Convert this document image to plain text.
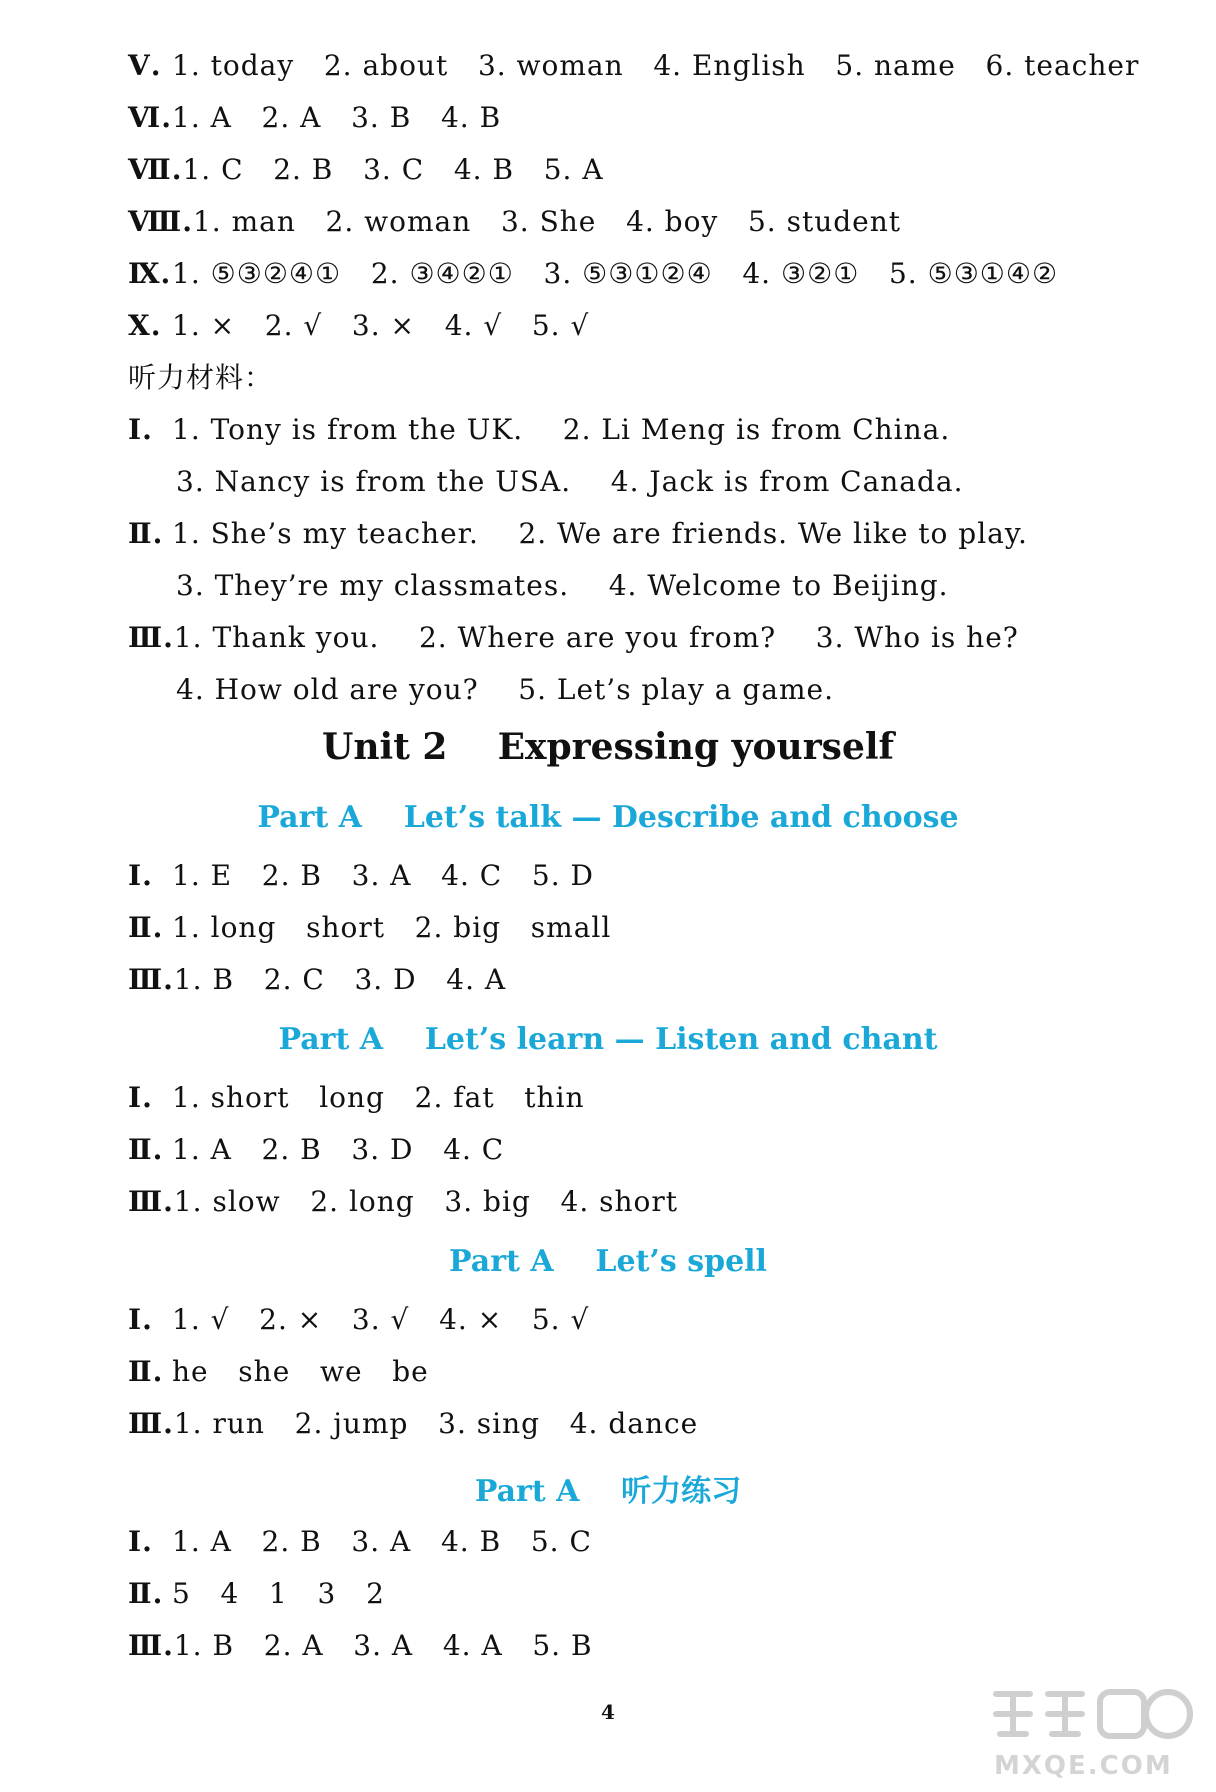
Ⅴ. 1. today   2. about   3. woman   4. English   5. name   6. teacher
Ⅵ.1. A   2. A   3. B   4. B
Ⅶ.1. C   2. B   3. C   4. B   5. A
Ⅷ.1. man   2. woman   3. She   4. boy   5. student
Ⅸ.1. ⑤③②④①   2. ③④②①   3. ⑤③①②④   4. ③②①   5. ⑤③①④②
Ⅹ. 1. ×   2. √   3. ×   4. √   5. √
听力材料：
Ⅰ. 1. Tony is from the UK.    2. Li Meng is from China.
3. Nancy is from the USA.    4. Jack is from Canada.
Ⅱ. 1. She’s my teacher.    2. We are friends. We like to play.
3. They’re my classmates.    4. Welcome to Beijing.
Ⅲ.1. Thank you.    2. Where are you from?    3. Who is he?
4. How old are you?    5. Let’s play a game.
Unit 2    Expressing yourself
Part A    Let’s talk — Describe and choose
Ⅰ. 1. E   2. B   3. A   4. C   5. D
Ⅱ. 1. long   short   2. big   small
Ⅲ.1. B   2. C   3. D   4. A
Part A    Let’s learn — Listen and chant
Ⅰ. 1. short   long   2. fat   thin
Ⅱ. 1. A   2. B   3. D   4. C
Ⅲ.1. slow   2. long   3. big   4. short
Part A    Let’s spell
Ⅰ. 1. √   2. ×   3. √   4. ×   5. √
Ⅱ. he   she   we   be
Ⅲ.1. run   2. jump   3. sing   4. dance
Part A    听力练习
Ⅰ. 1. A   2. B   3. A   4. B   5. C
Ⅱ. 5   4   1   3   2
Ⅲ.1. B   2. A   3. A   4. A   5. B
4
MXQE.COM
